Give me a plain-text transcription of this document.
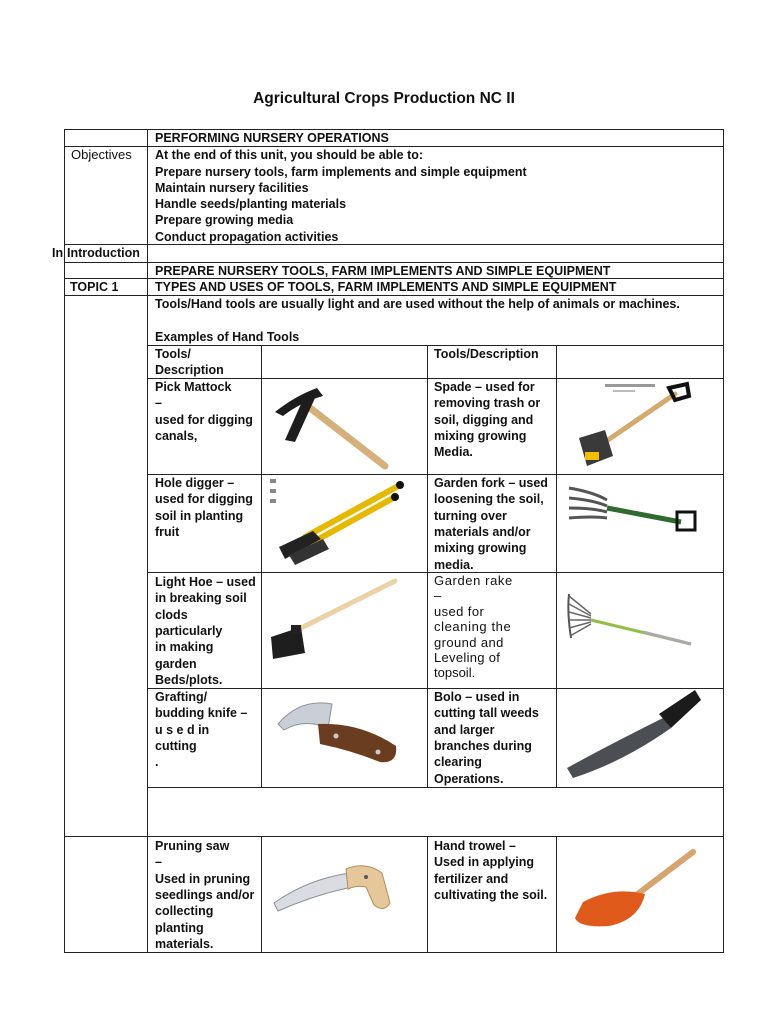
Agricultural Crops Production NC II
PERFORMING NURSERY OPERATIONS
Objectives At the end of this unit, you should be able to:
Prepare nursery tools, farm implements and simple equipment
Maintain nursery facilities
Handle seeds/planting materials
Prepare growing media
Conduct propagation activities
In Introduction
PREPARE NURSERY TOOLS, FARM IMPLEMENTS AND SIMPLE EQUIPMENT
TOPIC 1	TYPES AND USES OF TOOLS, FARM IMPLEMENTS AND SIMPLE EQUIPMENT
Tools/Hand tools are usually light and are used without the help of animals or machines.
Examples of Hand Tools
Tools/
Description
Tools/Description
Pick Mattock
–
used for digging
canals,
Hole digger –
used for digging
soil in planting
fruit
Light Hoe – used
in breaking soil
clods
particularly
in making
garden
Beds/plots.
Grafting/
budding knife –
u s e d in
cutting
.
Pruning saw
–
Used in pruning
seedlings and/or
collecting
planting
materials.
Spade – used for
removing trash or
soil, digging and
mixing growing
Media.
Garden fork – used
loosening the soil,
turning over
materials and/or
mixing growing
media.
Garden rake
–
used for
cleaning the
ground and
Leveling of
topsoil.
Bolo – used in
cutting tall weeds
and larger
branches during
clearing
Operations.
Hand trowel –
Used in applying
fertilizer and
cultivating the soil.
